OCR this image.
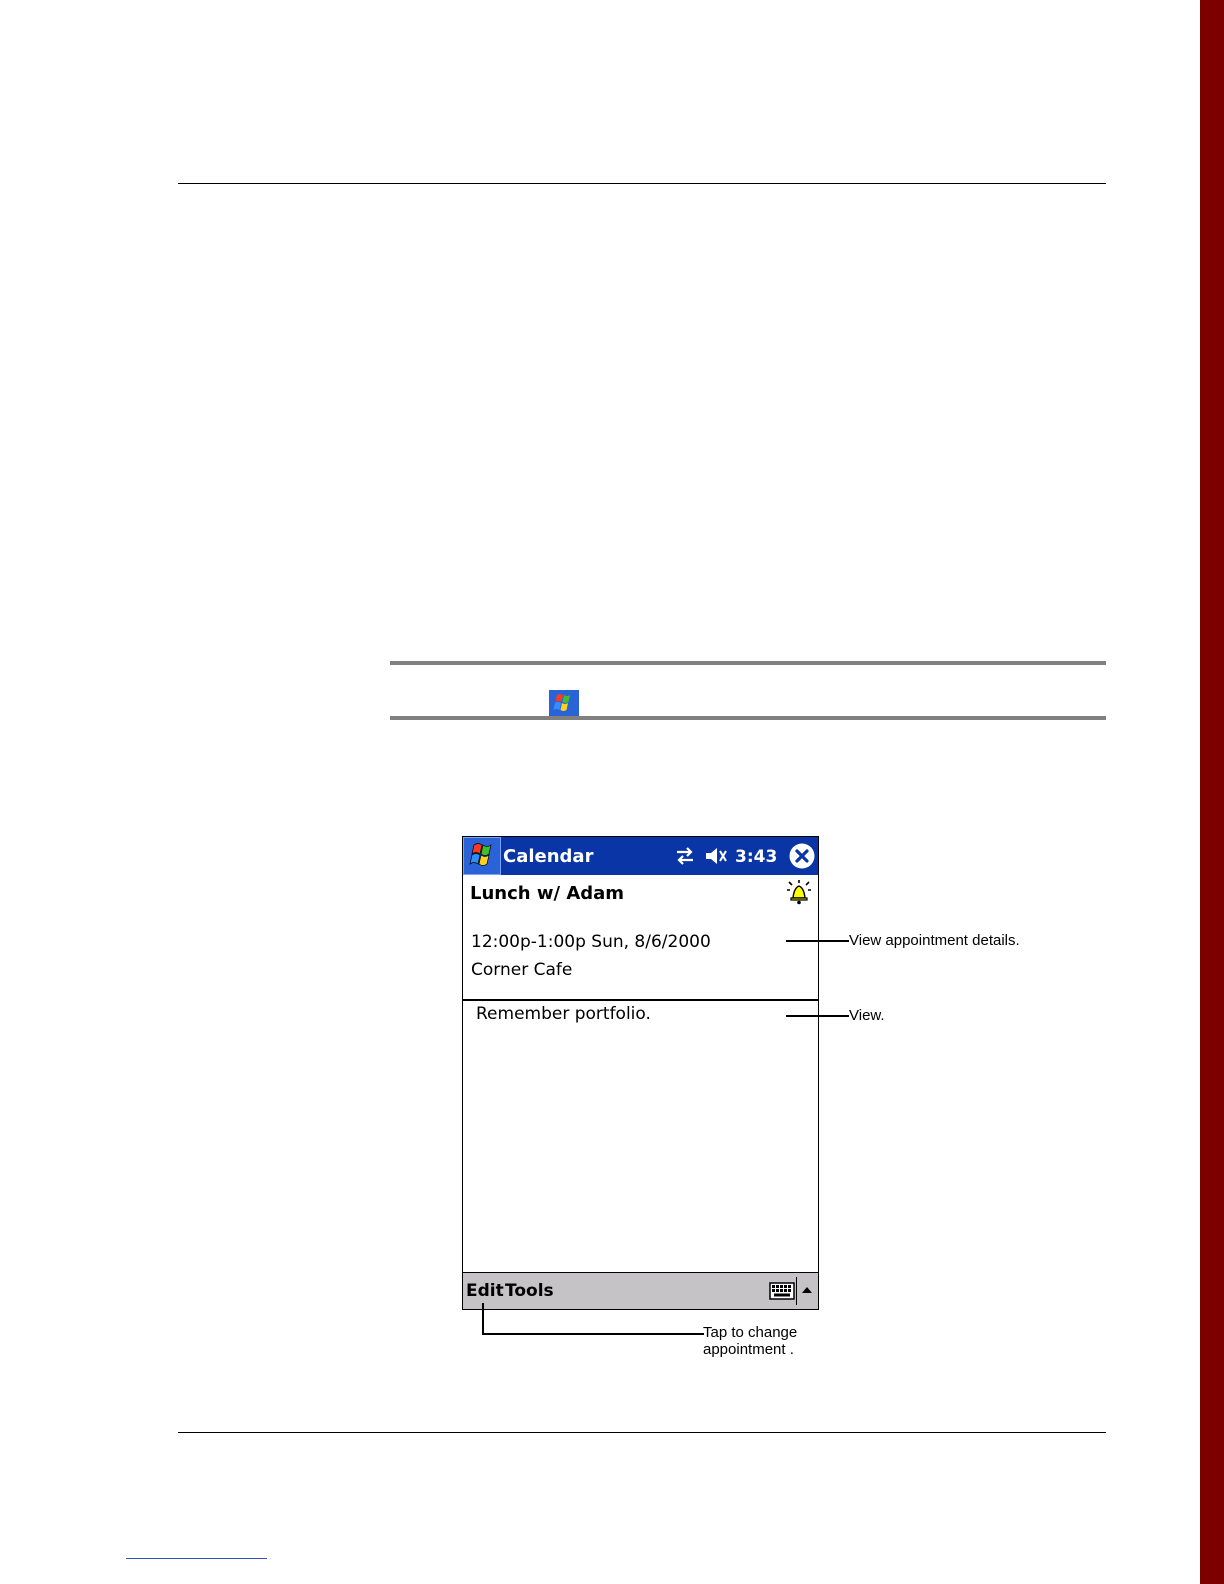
Calendar	3:43
Lunch w/ Adam
12:00p-1:00p Sun, 8/6/2000
Corner Cafe
Remember portfolio.
Edit Tools
View appointment details.
View.
Tap to change
appointment .
